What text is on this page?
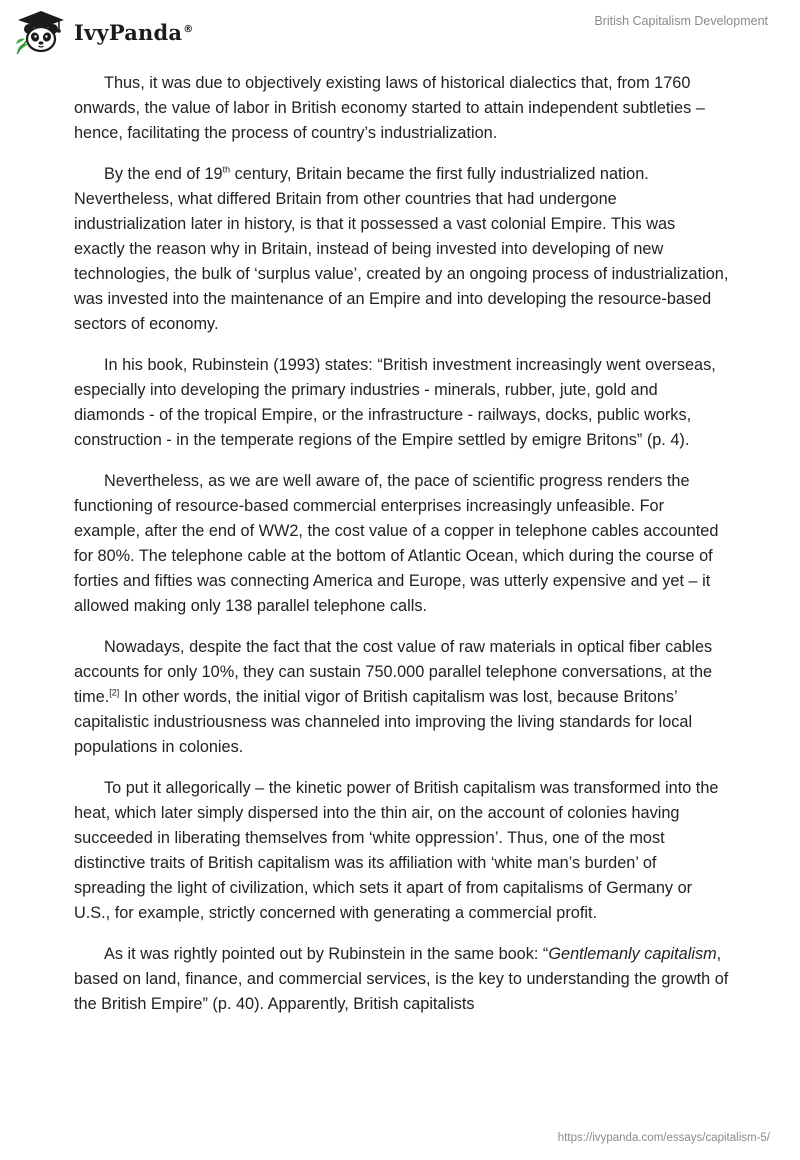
IvyPanda®
British Capitalism Development

Thus, it was due to objectively existing laws of historical dialectics that, from 1760 onwards, the value of labor in British economy started to attain independent subtleties – hence, facilitating the process of country’s industrialization.

By the end of 19th century, Britain became the first fully industrialized nation. Nevertheless, what differed Britain from other countries that had undergone industrialization later in history, is that it possessed a vast colonial Empire. This was exactly the reason why in Britain, instead of being invested into developing of new technologies, the bulk of ‘surplus value’, created by an ongoing process of industrialization, was invested into the maintenance of an Empire and into developing the resource-based sectors of economy.

In his book, Rubinstein (1993) states: “British investment increasingly went overseas, especially into developing the primary industries - minerals, rubber, jute, gold and diamonds - of the tropical Empire, or the infrastructure - railways, docks, public works, construction - in the temperate regions of the Empire settled by emigre Britons” (p. 4).

Nevertheless, as we are well aware of, the pace of scientific progress renders the functioning of resource-based commercial enterprises increasingly unfeasible. For example, after the end of WW2, the cost value of a copper in telephone cables accounted for 80%. The telephone cable at the bottom of Atlantic Ocean, which during the course of forties and fifties was connecting America and Europe, was utterly expensive and yet – it allowed making only 138 parallel telephone calls.

Nowadays, despite the fact that the cost value of raw materials in optical fiber cables accounts for only 10%, they can sustain 750.000 parallel telephone conversations, at the time.[2] In other words, the initial vigor of British capitalism was lost, because Britons’ capitalistic industriousness was channeled into improving the living standards for local populations in colonies.

To put it allegorically – the kinetic power of British capitalism was transformed into the heat, which later simply dispersed into the thin air, on the account of colonies having succeeded in liberating themselves from ‘white oppression’. Thus, one of the most distinctive traits of British capitalism was its affiliation with ‘white man’s burden’ of spreading the light of civilization, which sets it apart of from capitalisms of Germany or U.S., for example, strictly concerned with generating a commercial profit.

As it was rightly pointed out by Rubinstein in the same book: “Gentlemanly capitalism, based on land, finance, and commercial services, is the key to understanding the growth of the British Empire” (p. 40). Apparently, British capitalists

https://ivypanda.com/essays/capitalism-5/
